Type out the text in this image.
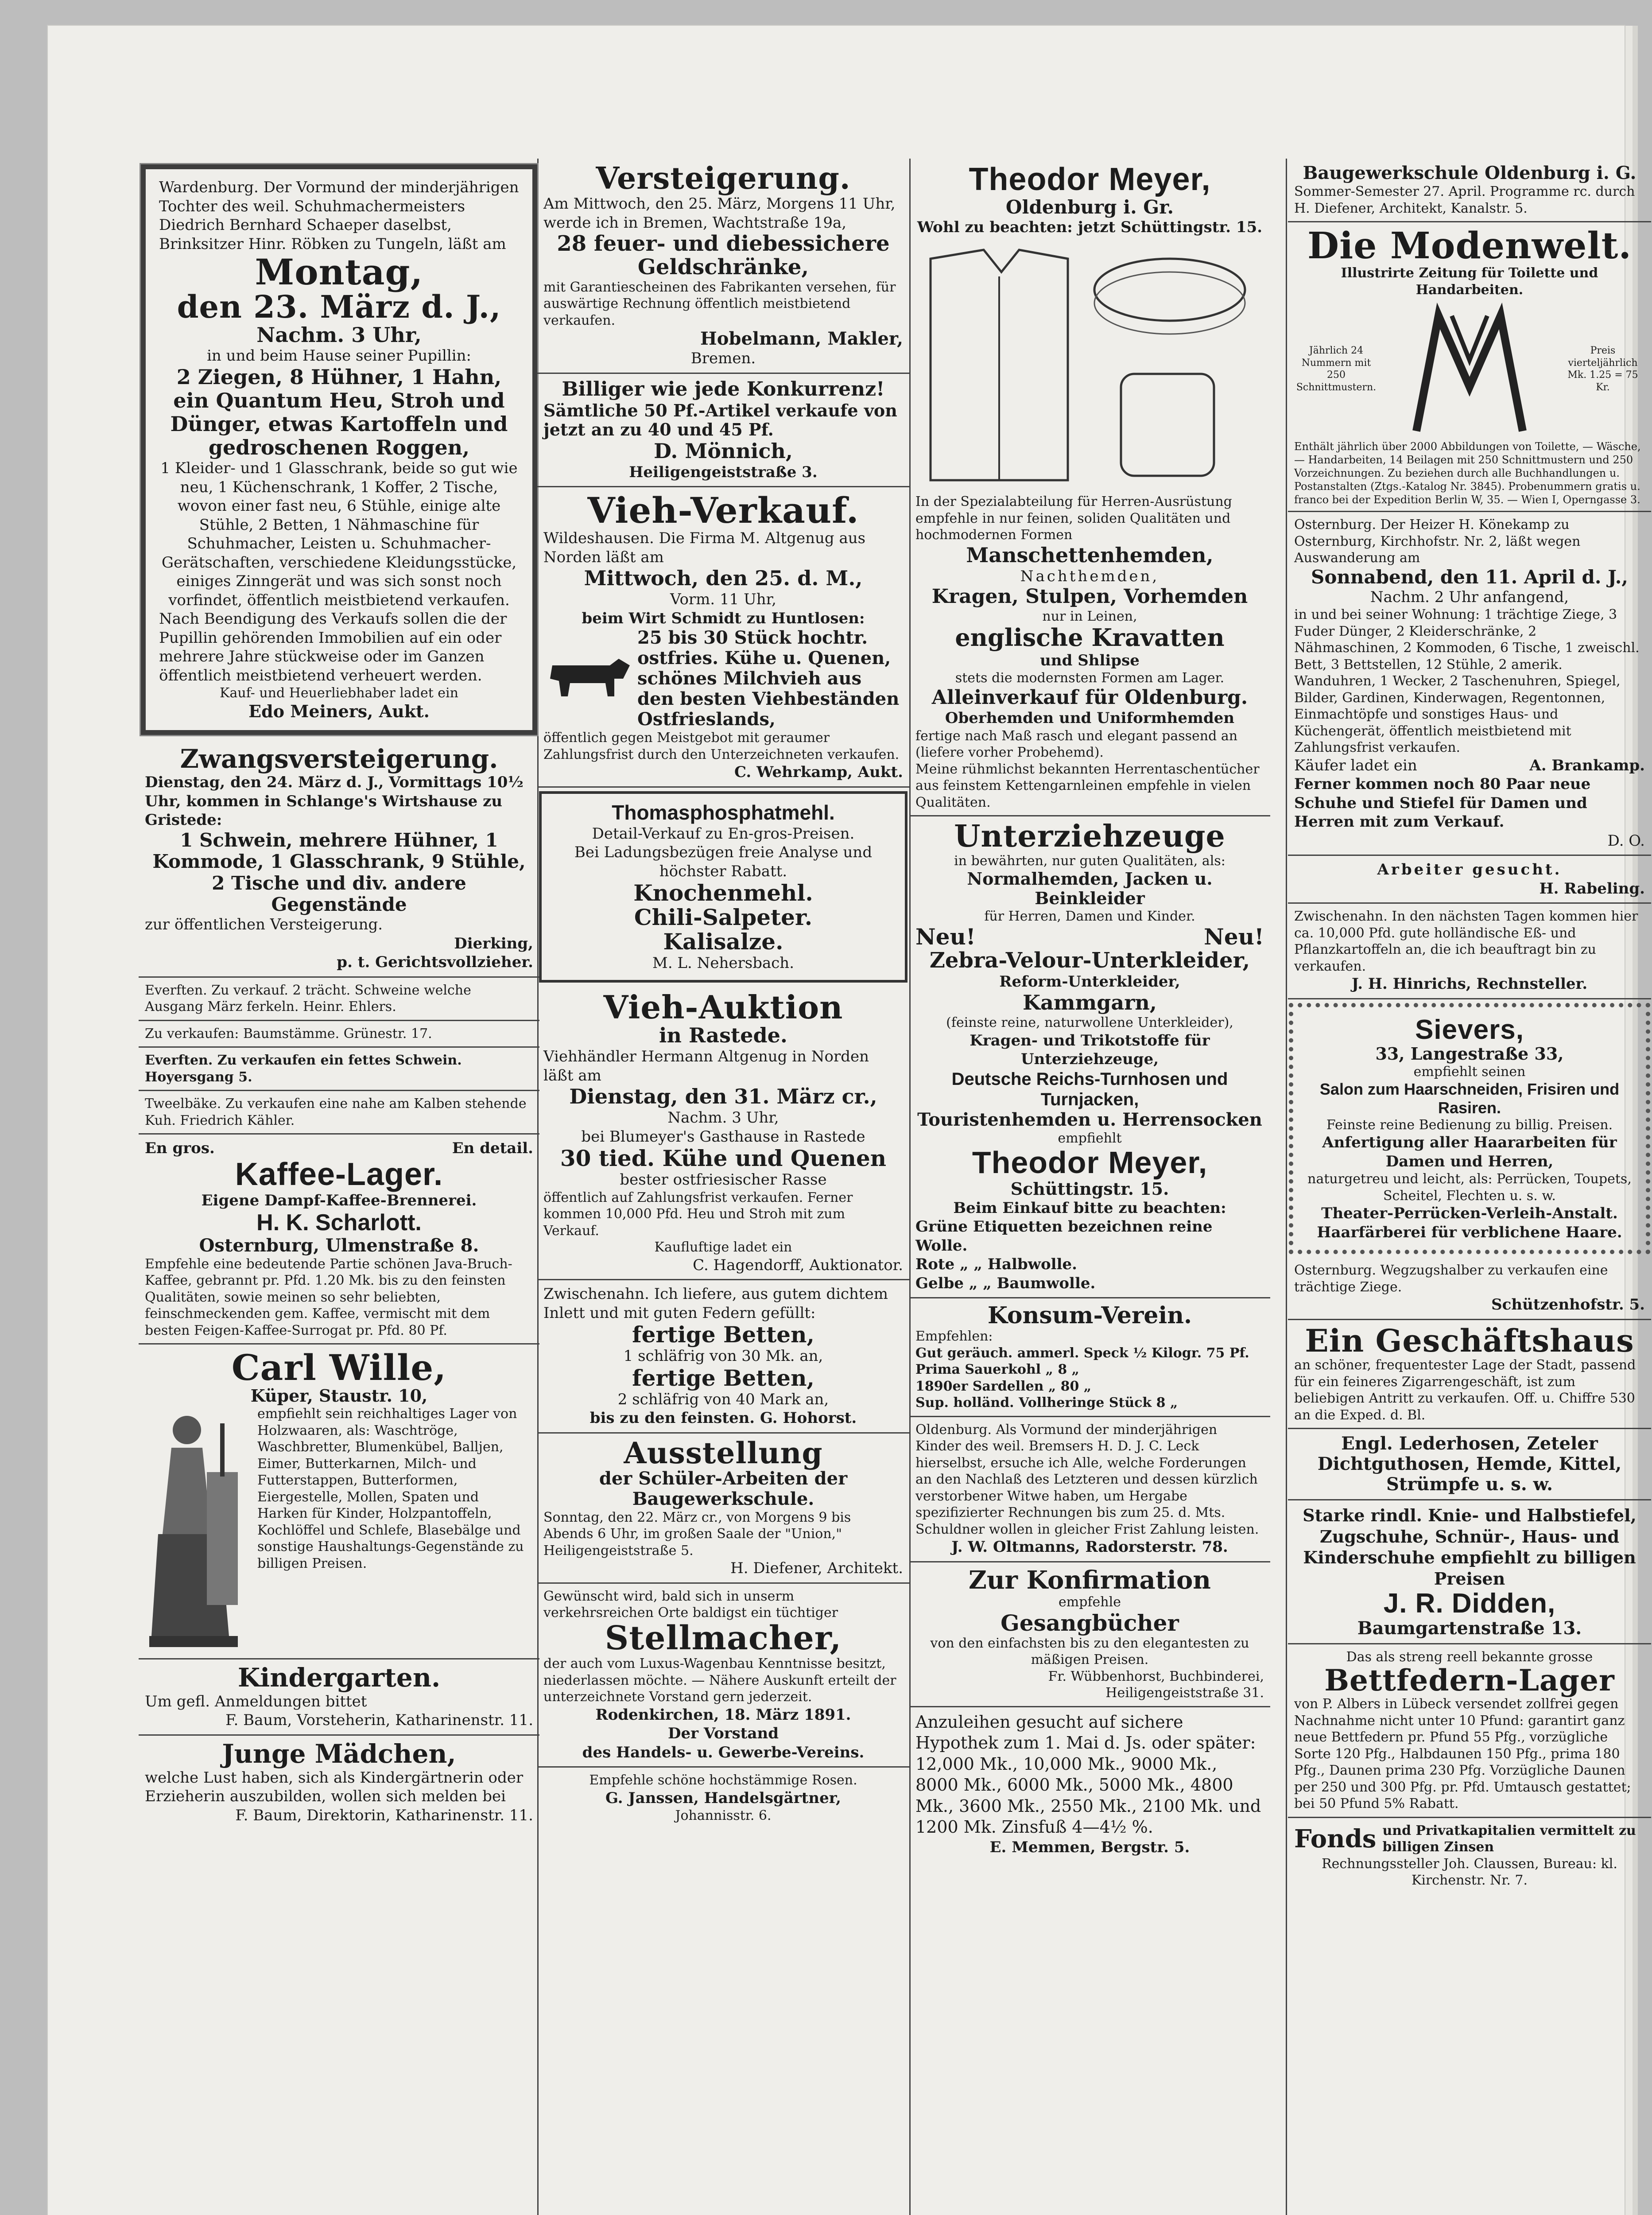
Wardenburg. Der Vormund der minderjährigen Tochter des weil. Schuhmachermeisters Diedrich Bernhard Schaeper daselbst, Brinksitzer Hinr. Röbken zu Tungeln, läßt am
Montag,
den 23. März d. J.,
Nachm. 3 Uhr,
in und beim Hause seiner Pupillin:
2 Ziegen, 8 Hühner, 1 Hahn, ein Quantum Heu, Stroh und Dünger, etwas Kartoffeln und gedroschenen Roggen,
1 Kleider- und 1 Glasschrank, beide so gut wie neu, 1 Küchenschrank, 1 Koffer, 2 Tische, wovon einer fast neu, 6 Stühle, einige alte Stühle, 2 Betten, 1 Nähmaschine für Schuhmacher, Leisten u. Schuhmacher-Gerätschaften, verschiedene Kleidungsstücke, einiges Zinngerät und was sich sonst noch vorfindet, öffentlich meistbietend verkaufen.
Nach Beendigung des Verkaufs sollen die der Pupillin gehörenden Immobilien auf ein oder mehrere Jahre stückweise oder im Ganzen öffentlich meistbietend verheuert werden.
Kauf- und Heuerliebhaber ladet ein
Edo Meiners, Aukt.
Zwangsversteigerung.
Dienstag, den 24. März d. J., Vormittags 10½ Uhr, kommen in Schlange's Wirtshause zu Gristede:
1 Schwein, mehrere Hühner, 1 Kommode, 1 Glasschrank, 9 Stühle, 2 Tische und div. andere Gegenstände
zur öffentlichen Versteigerung.
Dierking,
p. t. Gerichtsvollzieher.
Everften. Zu verkauf. 2 trächt. Schweine welche Ausgang März ferkeln. Heinr. Ehlers.
Zu verkaufen: Baumstämme. Grünestr. 17.
Everften. Zu verkaufen ein fettes Schwein. Hoyersgang 5.
Tweelbäke. Zu verkaufen eine nahe am Kalben stehende Kuh. Friedrich Kähler.
En gros.	En detail.
Kaffee-Lager.
Eigene Dampf-Kaffee-Brennerei.
H. K. Scharlott.
Osternburg, Ulmenstraße 8.
Empfehle eine bedeutende Partie schönen Java-Bruch-Kaffee, gebrannt pr. Pfd. 1.20 Mk. bis zu den feinsten Qualitäten, sowie meinen so sehr beliebten, feinschmeckenden gem. Kaffee, vermischt mit dem besten Feigen-Kaffee-Surrogat pr. Pfd. 80 Pf.
Carl Wille,
Küper, Staustr. 10,
empfiehlt sein reichhaltiges Lager von Holzwaaren, als: Waschtröge, Waschbretter, Blumenkübel, Balljen, Eimer, Butterkarnen, Milch- und Futterstappen, Butterformen, Eiergestelle, Mollen, Spaten und Harken für Kinder, Holzpantoffeln, Kochlöffel und Schlefe, Blasebälge und sonstige Haushaltungs-Gegenstände zu billigen Preisen.
Kindergarten.
Um gefl. Anmeldungen bittet
F. Baum, Vorsteherin, Katharinenstr. 11.
Junge Mädchen,
welche Lust haben, sich als Kindergärtnerin oder Erzieherin auszubilden, wollen sich melden bei
F. Baum, Direktorin, Katharinenstr. 11.
Versteigerung.
Am Mittwoch, den 25. März, Morgens 11 Uhr, werde ich in Bremen, Wachtstraße 19a,
28 feuer- und diebessichere Geldschränke,
mit Garantiescheinen des Fabrikanten versehen, für auswärtige Rechnung öffentlich meistbietend verkaufen.
Hobelmann, Makler,
Bremen.
Billiger wie jede Konkurrenz!
Sämtliche 50 Pf.-Artikel verkaufe von jetzt an zu 40 und 45 Pf.
D. Mönnich,
Heiligengeiststraße 3.
Vieh-Verkauf.
Wildeshausen. Die Firma M. Altgenug aus Norden läßt am
Mittwoch, den 25. d. M.,
Vorm. 11 Uhr,
beim Wirt Schmidt zu Huntlosen:
25 bis 30 Stück hochtr. ostfries. Kühe u. Quenen, schönes Milchvieh aus den besten Viehbeständen Ostfrieslands,
öffentlich gegen Meistgebot mit geraumer Zahlungsfrist durch den Unterzeichneten verkaufen.
C. Wehrkamp, Aukt.
Thomasphosphatmehl.
Detail-Verkauf zu En-gros-Preisen.
Bei Ladungsbezügen freie Analyse und höchster Rabatt.
Knochenmehl.
Chili-Salpeter.
Kalisalze.
M. L. Nehersbach.
Vieh-Auktion
in Rastede.
Viehhändler Hermann Altgenug in Norden läßt am
Dienstag, den 31. März cr.,
Nachm. 3 Uhr,
bei Blumeyer's Gasthause in Rastede
30 tied. Kühe und Quenen
bester ostfriesischer Rasse
öffentlich auf Zahlungsfrist verkaufen. Ferner kommen 10,000 Pfd. Heu und Stroh mit zum Verkauf.
Kaufluftige ladet ein
C. Hagendorff, Auktionator.
Zwischenahn. Ich liefere, aus gutem dichtem Inlett und mit guten Federn gefüllt:
fertige Betten,
1 schläfrig von 30 Mk. an,
fertige Betten,
2 schläfrig von 40 Mark an,
bis zu den feinsten. G. Hohorst.
Ausstellung
der Schüler-Arbeiten der Baugewerkschule.
Sonntag, den 22. März cr., von Morgens 9 bis Abends 6 Uhr, im großen Saale der "Union," Heiligengeiststraße 5.
H. Diefener, Architekt.
Gewünscht wird, bald sich in unserm verkehrsreichen Orte baldigst ein tüchtiger
Stellmacher,
der auch vom Luxus-Wagenbau Kenntnisse besitzt, niederlassen möchte. — Nähere Auskunft erteilt der unterzeichnete Vorstand gern jederzeit.
Rodenkirchen, 18. März 1891.
Der Vorstand
des Handels- u. Gewerbe-Vereins.
Empfehle schöne hochstämmige Rosen.
G. Janssen, Handelsgärtner,
Johannisstr. 6.
Theodor Meyer,
Oldenburg i. Gr.
Wohl zu beachten: jetzt Schüttingstr. 15.
In der Spezialabteilung für Herren-Ausrüstung empfehle in nur feinen, soliden Qualitäten und hochmodernen Formen
Manschettenhemden,
Nachthemden,
Kragen, Stulpen, Vorhemden
nur in Leinen,
englische Kravatten
und Shlipse
stets die modernsten Formen am Lager.
Alleinverkauf für Oldenburg.
Oberhemden und Uniformhemden
fertige nach Maß rasch und elegant passend an (liefere vorher Probehemd).
Meine rühmlichst bekannten Herrentaschentücher aus feinstem Kettengarnleinen empfehle in vielen Qualitäten.
Unterziehzeuge
in bewährten, nur guten Qualitäten, als:
Normalhemden, Jacken u. Beinkleider
für Herren, Damen und Kinder.
Neu!	Neu!
Zebra-Velour-Unterkleider,
Reform-Unterkleider,
Kammgarn,
(feinste reine, naturwollene Unterkleider),
Kragen- und Trikotstoffe für Unterziehzeuge,
Deutsche Reichs-Turnhosen und Turnjacken,
Touristenhemden u. Herrensocken
empfiehlt
Theodor Meyer,
Schüttingstr. 15.
Beim Einkauf bitte zu beachten:
Grüne Etiquetten bezeichnen reine Wolle.
Rote „ „ Halbwolle.
Gelbe „ „ Baumwolle.
Konsum-Verein.
Empfehlen:
Gut geräuch. ammerl. Speck ½ Kilogr. 75 Pf.
Prima Sauerkohl „ 8 „
1890er Sardellen „ 80 „
Sup. holländ. Vollheringe Stück 8 „
Oldenburg. Als Vormund der minderjährigen Kinder des weil. Bremsers H. D. J. C. Leck hierselbst, ersuche ich Alle, welche Forderungen an den Nachlaß des Letzteren und dessen kürzlich verstorbener Witwe haben, um Hergabe spezifizierter Rechnungen bis zum 25. d. Mts. Schuldner wollen in gleicher Frist Zahlung leisten.
J. W. Oltmanns, Radorsterstr. 78.
Zur Konfirmation
empfehle
Gesangbücher
von den einfachsten bis zu den elegantesten zu mäßigen Preisen.
Fr. Wübbenhorst, Buchbinderei, Heiligengeiststraße 31.
Anzuleihen gesucht auf sichere Hypothek zum 1. Mai d. Js. oder später: 12,000 Mk., 10,000 Mk., 9000 Mk., 8000 Mk., 6000 Mk., 5000 Mk., 4800 Mk., 3600 Mk., 2550 Mk., 2100 Mk. und 1200 Mk. Zinsfuß 4—4½ %.
E. Memmen, Bergstr. 5.
Baugewerkschule Oldenburg i. G.
Sommer-Semester 27. April. Programme rc. durch H. Diefener, Architekt, Kanalstr. 5.
Die Modenwelt.
Illustrirte Zeitung für Toilette und Handarbeiten.
Jährlich 24 Nummern mit 250 Schnittmustern.
Preis vierteljährlich Mk. 1.25 = 75 Kr.
Enthält jährlich über 2000 Abbildungen von Toilette, — Wäsche, — Handarbeiten, 14 Beilagen mit 250 Schnittmustern und 250 Vorzeichnungen. Zu beziehen durch alle Buchhandlungen u. Postanstalten (Ztgs.-Katalog Nr. 3845). Probenummern gratis u. franco bei der Expedition Berlin W, 35. — Wien I, Operngasse 3.
Osternburg. Der Heizer H. Könekamp zu Osternburg, Kirchhofstr. Nr. 2, läßt wegen Auswanderung am
Sonnabend, den 11. April d. J.,
Nachm. 2 Uhr anfangend,
in und bei seiner Wohnung: 1 trächtige Ziege, 3 Fuder Dünger, 2 Kleiderschränke, 2 Nähmaschinen, 2 Kommoden, 6 Tische, 1 zweischl. Bett, 3 Bettstellen, 12 Stühle, 2 amerik. Wanduhren, 1 Wecker, 2 Taschenuhren, Spiegel, Bilder, Gardinen, Kinderwagen, Regentonnen, Einmachtöpfe und sonstiges Haus- und Küchengerät, öffentlich meistbietend mit Zahlungsfrist verkaufen.
Käufer ladet ein	A. Brankamp.
Ferner kommen noch 80 Paar neue Schuhe und Stiefel für Damen und Herren mit zum Verkauf.
D. O.
Arbeiter gesucht.
H. Rabeling.
Zwischenahn. In den nächsten Tagen kommen hier ca. 10,000 Pfd. gute holländische Eß- und Pflanzkartoffeln an, die ich beauftragt bin zu verkaufen.
J. H. Hinrichs, Rechnsteller.
Sievers,
33, Langestraße 33,
empfiehlt seinen
Salon zum Haarschneiden, Frisiren und Rasiren.
Feinste reine Bedienung zu billig. Preisen.
Anfertigung aller Haararbeiten für Damen und Herren,
naturgetreu und leicht, als: Perrücken, Toupets, Scheitel, Flechten u. s. w.
Theater-Perrücken-Verleih-Anstalt.
Haarfärberei für verblichene Haare.
Osternburg. Wegzugshalber zu verkaufen eine trächtige Ziege.
Schützenhofstr. 5.
Ein Geschäftshaus
an schöner, frequentester Lage der Stadt, passend für ein feineres Zigarrengeschäft, ist zum beliebigen Antritt zu verkaufen. Off. u. Chiffre 530 an die Exped. d. Bl.
Engl. Lederhosen, Zeteler Dichtguthosen, Hemde, Kittel, Strümpfe u. s. w.
Starke rindl. Knie- und Halbstiefel, Zugschuhe, Schnür-, Haus- und Kinderschuhe empfiehlt zu billigen Preisen
J. R. Didden,
Baumgartenstraße 13.
Das als streng reell bekannte grosse
Bettfedern-Lager
von P. Albers in Lübeck versendet zollfrei gegen Nachnahme nicht unter 10 Pfund: garantirt ganz neue Bettfedern pr. Pfund 55 Pfg., vorzügliche Sorte 120 Pfg., Halbdaunen 150 Pfg., prima 180 Pfg., Daunen prima 230 Pfg. Vorzügliche Daunen per 250 und 300 Pfg. pr. Pfd. Umtausch gestattet; bei 50 Pfund 5% Rabatt.
Fonds und Privatkapitalien vermittelt zu billigen Zinsen
Rechnungssteller Joh. Claussen, Bureau: kl. Kirchenstr. Nr. 7.
